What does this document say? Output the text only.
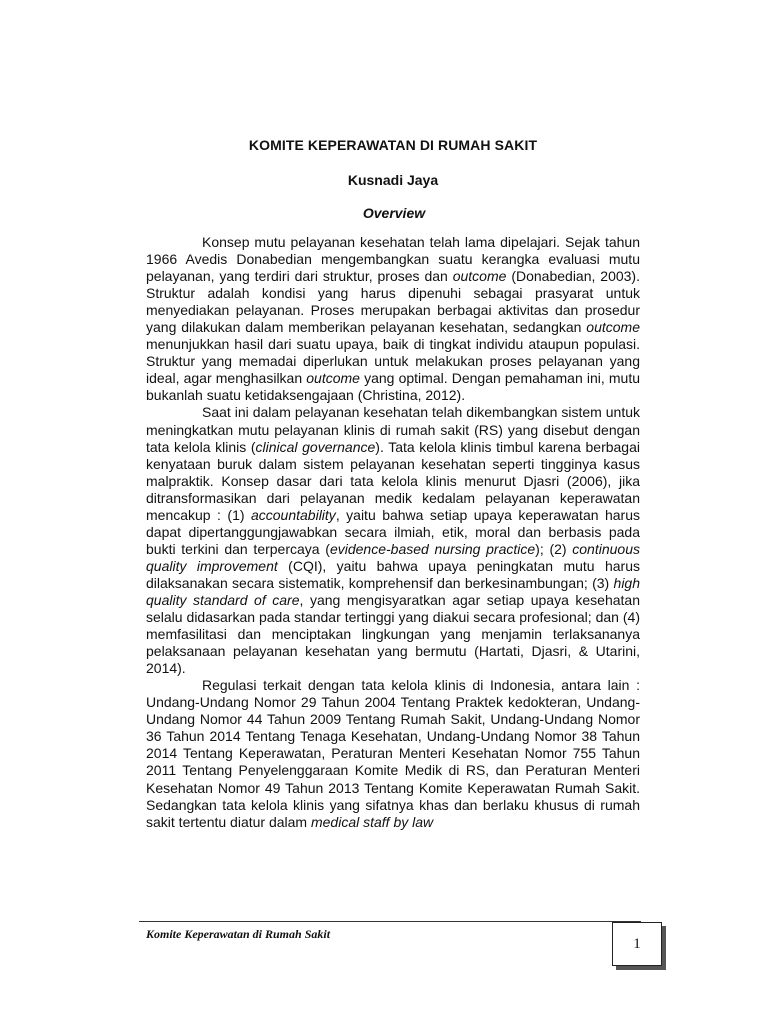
KOMITE KEPERAWATAN DI RUMAH SAKIT
Kusnadi Jaya
Overview

Konsep mutu pelayanan kesehatan telah lama dipelajari. Sejak tahun 1966 Avedis Donabedian mengembangkan suatu kerangka evaluasi mutu pelayanan, yang terdiri dari struktur, proses dan outcome (Donabedian, 2003). Struktur adalah kondisi yang harus dipenuhi sebagai prasyarat untuk menyediakan pelayanan. Proses merupakan berbagai aktivitas dan prosedur yang dilakukan dalam memberikan pelayanan kesehatan, sedangkan outcome menunjukkan hasil dari suatu upaya, baik di tingkat individu ataupun populasi. Struktur yang memadai diperlukan untuk melakukan proses pelayanan yang ideal, agar menghasilkan outcome yang optimal. Dengan pemahaman ini, mutu bukanlah suatu ketidaksengajaan (Christina, 2012).

Saat ini dalam pelayanan kesehatan telah dikembangkan sistem untuk meningkatkan mutu pelayanan klinis di rumah sakit (RS) yang disebut dengan tata kelola klinis (clinical governance). Tata kelola klinis timbul karena berbagai kenyataan buruk dalam sistem pelayanan kesehatan seperti tingginya kasus malpraktik. Konsep dasar dari tata kelola klinis menurut Djasri (2006), jika ditransformasikan dari pelayanan medik kedalam pelayanan keperawatan mencakup : (1) accountability, yaitu bahwa setiap upaya keperawatan harus dapat dipertanggungjawabkan secara ilmiah, etik, moral dan berbasis pada bukti terkini dan terpercaya (evidence-based nursing practice); (2) continuous quality improvement (CQI), yaitu bahwa upaya peningkatan mutu harus dilaksanakan secara sistematik, komprehensif dan berkesinambungan; (3) high quality standard of care, yang mengisyaratkan agar setiap upaya kesehatan selalu didasarkan pada standar tertinggi yang diakui secara profesional; dan (4) memfasilitasi dan menciptakan lingkungan yang menjamin terlaksananya pelaksanaan pelayanan kesehatan yang bermutu (Hartati, Djasri, & Utarini, 2014).

Regulasi terkait dengan tata kelola klinis di Indonesia, antara lain : Undang-Undang Nomor 29 Tahun 2004 Tentang Praktek kedokteran, Undang-Undang Nomor 44 Tahun 2009 Tentang Rumah Sakit, Undang-Undang Nomor 36 Tahun 2014 Tentang Tenaga Kesehatan, Undang-Undang Nomor 38 Tahun 2014 Tentang Keperawatan, Peraturan Menteri Kesehatan Nomor 755 Tahun 2011 Tentang Penyelenggaraan Komite Medik di RS, dan Peraturan Menteri Kesehatan Nomor 49 Tahun 2013 Tentang Komite Keperawatan Rumah Sakit. Sedangkan tata kelola klinis yang sifatnya khas dan berlaku khusus di rumah sakit tertentu diatur dalam medical staff by law

Komite Keperawatan di Rumah Sakit
1
